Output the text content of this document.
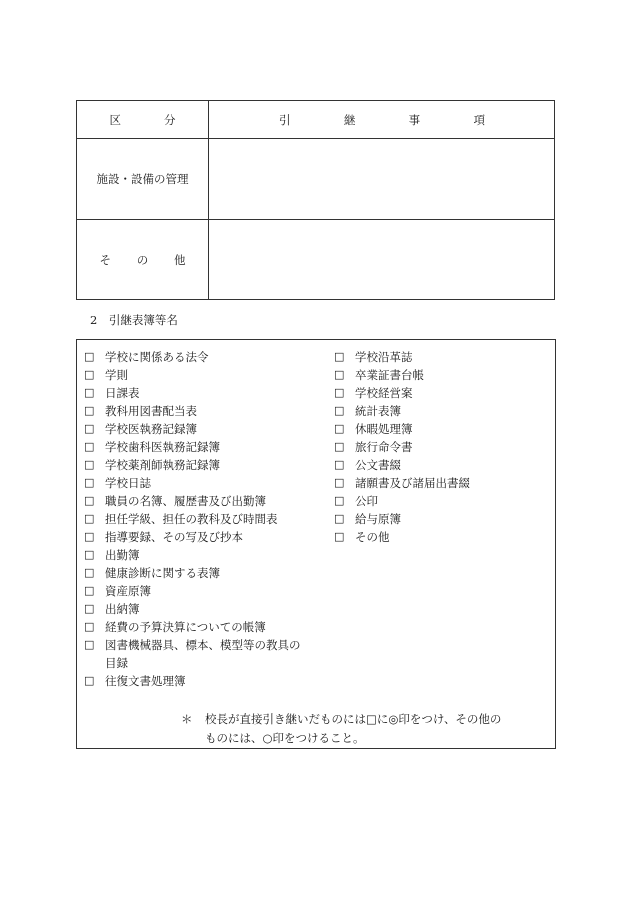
区	分	引	継	事	項
施設・設備の管理
そ の 他
2　引継表簿等名
□ 学校に関係ある法令
□ 学則
□ 日課表
□ 教科用図書配当表
□ 学校医執務記録簿
□ 学校歯科医執務記録簿
□ 学校薬剤師執務記録簿
□ 学校日誌
□ 職員の名簿、履歴書及び出勤簿
□ 担任学級、担任の教科及び時間表
□ 指導要録、その写及び抄本
□ 出勤簿
□ 健康診断に関する表簿
□ 資産原簿
□ 出納簿
□ 経費の予算決算についての帳簿
□ 図書機械器具、標本、模型等の教具の
目録
□ 往復文書処理簿
□ 学校沿革誌
□ 卒業証書台帳
□ 学校経営案
□ 統計表簿
□ 休暇処理簿
□ 旅行命令書
□ 公文書綴
□ 諸願書及び諸届出書綴
□ 公印
□ 給与原簿
□ その他
＊ 校長が直接引き継いだものには□に◎印をつけ、その他の
ものには、○印をつけること。
